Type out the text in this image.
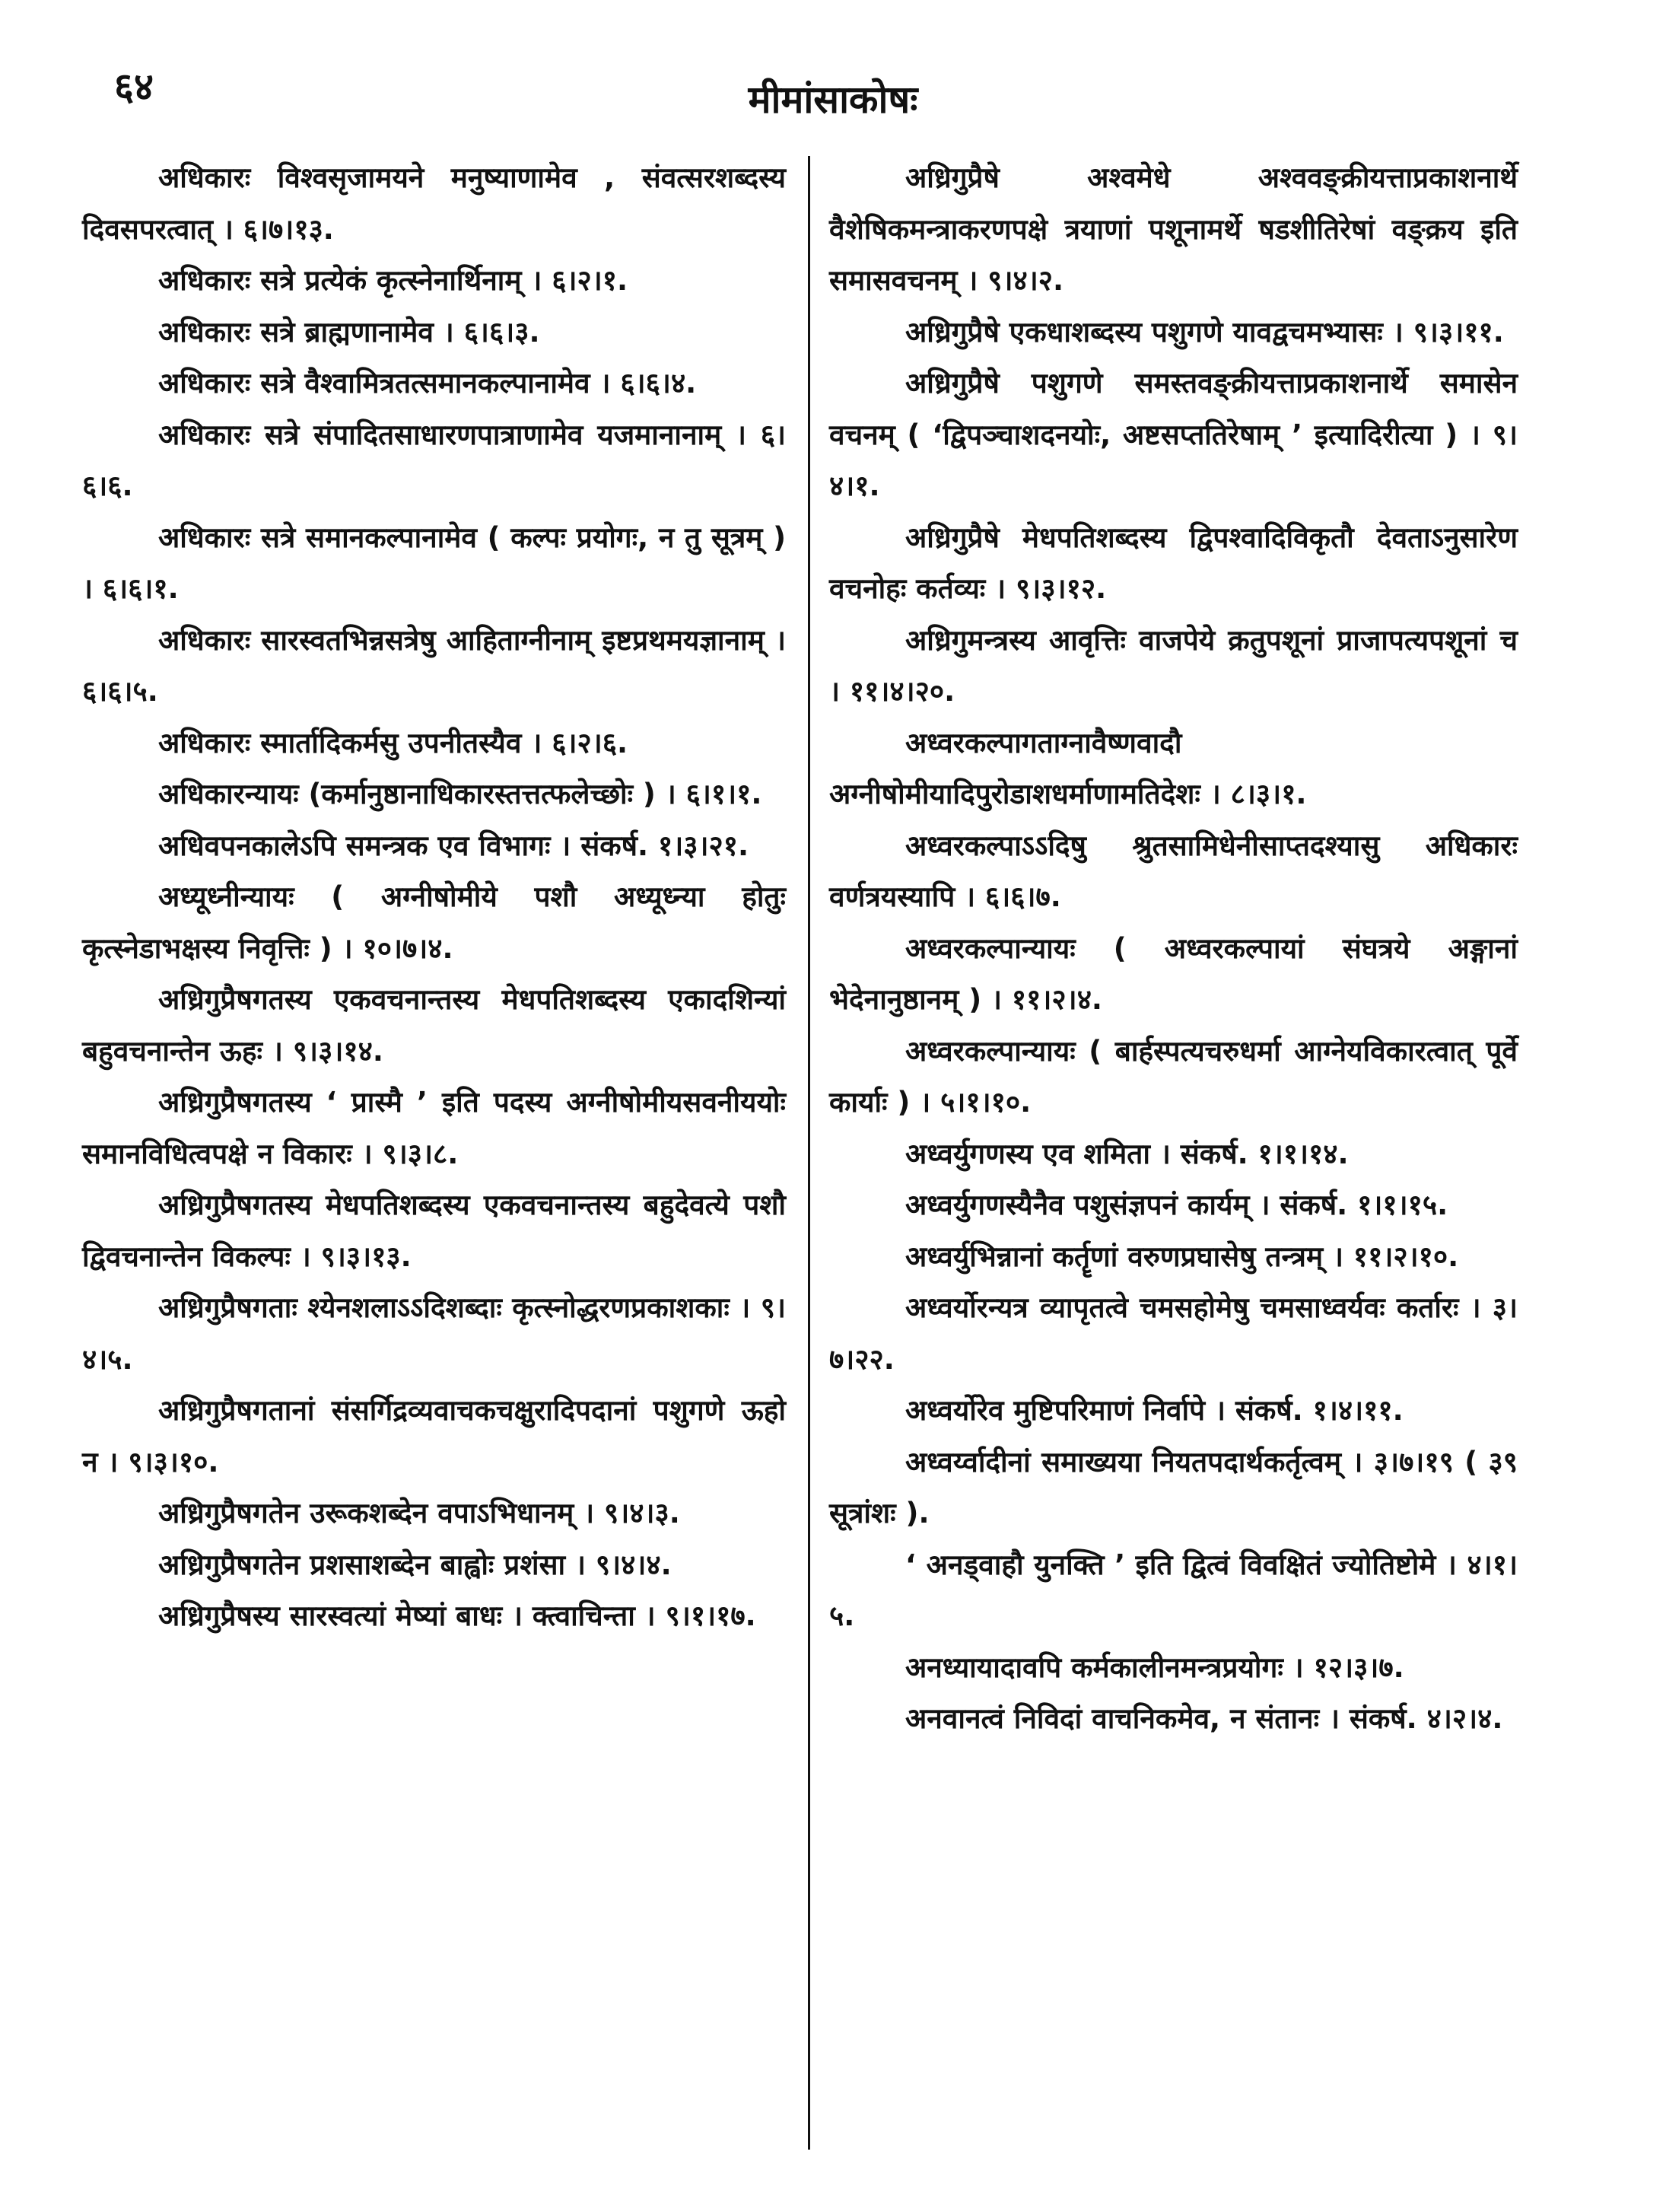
६४	मीमांसाकोषः

अधिकारः विश्वसृजामयने मनुष्याणामेव , संवत्सरशब्दस्य दिवसपरत्वात् । ६।७।१३.

अधिकारः सत्रे प्रत्येकं कृत्स्नेनार्थिनाम् । ६।२।१.

अधिकारः सत्रे ब्राह्मणानामेव । ६।६।३.

अधिकारः सत्रे वैश्वामित्रतत्समानकल्पानामेव । ६।६।४.

अधिकारः सत्रे संपादितसाधारणपात्राणामेव यजमानानाम् । ६।६।६.

अधिकारः सत्रे समानकल्पानामेव ( कल्पः प्रयोगः, न तु सूत्रम् ) । ६।६।१.

अधिकारः सारस्वतभिन्नसत्रेषु आहिताग्नीनाम् इष्टप्रथमयज्ञानाम् । ६।६।५.

अधिकारः स्मार्तादिकर्मसु उपनीतस्यैव । ६।२।६.

अधिकारन्यायः (कर्मानुष्ठानाधिकारस्तत्तत्फलेच्छोः ) । ६।१।१.

अधिवपनकालेऽपि समन्त्रक एव विभागः । संकर्ष. १।३।२१.

अध्यूध्नीन्यायः ( अग्नीषोमीये पशौ अध्यूध्न्या होतुः कृत्स्नेडाभक्षस्य निवृत्तिः ) । १०।७।४.

अध्रिगुप्रैषगतस्य एकवचनान्तस्य मेधपतिशब्दस्य एकादशिन्यां बहुवचनान्तेन ऊहः । ९।३।१४.

अध्रिगुप्रैषगतस्य ‘ प्रास्मै ’ इति पदस्य अग्नीषोमीयसवनीययोः समानविधित्वपक्षे न विकारः । ९।३।८.

अध्रिगुप्रैषगतस्य मेधपतिशब्दस्य एकवचनान्तस्य बहुदेवत्ये पशौ द्विवचनान्तेन विकल्पः । ९।३।१३.

अध्रिगुप्रैषगताः श्येनशलाऽऽदिशब्दाः कृत्स्नोद्धरणप्रकाशकाः । ९।४।५.

अध्रिगुप्रैषगतानां संसर्गिद्रव्यवाचकचक्षुरादिपदानां पशुगणे ऊहो न । ९।३।१०.

अध्रिगुप्रैषगतेन उरूकशब्देन वपाऽभिधानम् । ९।४।३.

अध्रिगुप्रैषगतेन प्रशसाशब्देन बाह्वोः प्रशंसा । ९।४।४.

अध्रिगुप्रैषस्य सारस्वत्यां मेष्यां बाधः । क्त्वाचिन्ता । ९।१।१७.

अध्रिगुप्रैषे अश्वमेधे अश्ववङ्क्रीयत्ताप्रकाशनार्थे वैशेषिकमन्त्राकरणपक्षे त्रयाणां पशूनामर्थे षडशीतिरेषां वङ्क्रय इति समासवचनम् । ९।४।२.

अध्रिगुप्रैषे एकधाशब्दस्य पशुगणे यावद्वचमभ्यासः । ९।३।११.

अध्रिगुप्रैषे पशुगणे समस्तवङ्क्रीयत्ताप्रकाशनार्थे समासेन वचनम् ( ‘द्विपञ्चाशदनयोः, अष्टसप्ततिरेषाम् ’ इत्यादिरीत्या ) । ९।४।१.

अध्रिगुप्रैषे मेधपतिशब्दस्य द्विपश्वादिविकृतौ देवताऽनुसारेण वचनोहः कर्तव्यः । ९।३।१२.

अध्रिगुमन्त्रस्य आवृत्तिः वाजपेये क्रतुपशूनां प्राजापत्यपशूनां च । ११।४।२०.

अध्वरकल्पागताग्नावैष्णवादौ अग्नीषोमीयादिपुरोडाशधर्माणामतिदेशः । ८।३।१.

अध्वरकल्पाऽऽदिषु श्रुतसामिधेनीसाप्तदश्यासु अधिकारः वर्णत्रयस्यापि । ६।६।७.

अध्वरकल्पान्यायः ( अध्वरकल्पायां संघत्रये अङ्गानां भेदेनानुष्ठानम् ) । ११।२।४.

अध्वरकल्पान्यायः ( बार्हस्पत्यचरुधर्मा आग्नेयविकारत्वात् पूर्वे कार्याः ) । ५।१।१०.

अध्वर्युगणस्य एव शमिता । संकर्ष. १।१।१४.

अध्वर्युगणस्यैनैव पशुसंज्ञपनं कार्यम् । संकर्ष. १।१।१५.

अध्वर्युभिन्नानां कर्तॄणां वरुणप्रघासेषु तन्त्रम् । ११।२।१०.

अध्वर्योरन्यत्र व्यापृतत्वे चमसहोमेषु चमसाध्वर्यवः कर्तारः । ३।७।२२.

अध्वर्योरेव मुष्टिपरिमाणं निर्वापे । संकर्ष. १।४।११.

अध्वर्य्वादीनां समाख्यया नियतपदार्थकर्तृत्वम् । ३।७।१९ ( ३९ सूत्रांशः ).

‘ अनड्वाहौ युनक्ति ’ इति द्वित्वं विवक्षितं ज्योतिष्टोमे । ४।१।५.

अनध्यायादावपि कर्मकालीनमन्त्रप्रयोगः । १२।३।७.

अनवानत्वं निविदां वाचनिकमेव, न संतानः । संकर्ष. ४।२।४.
